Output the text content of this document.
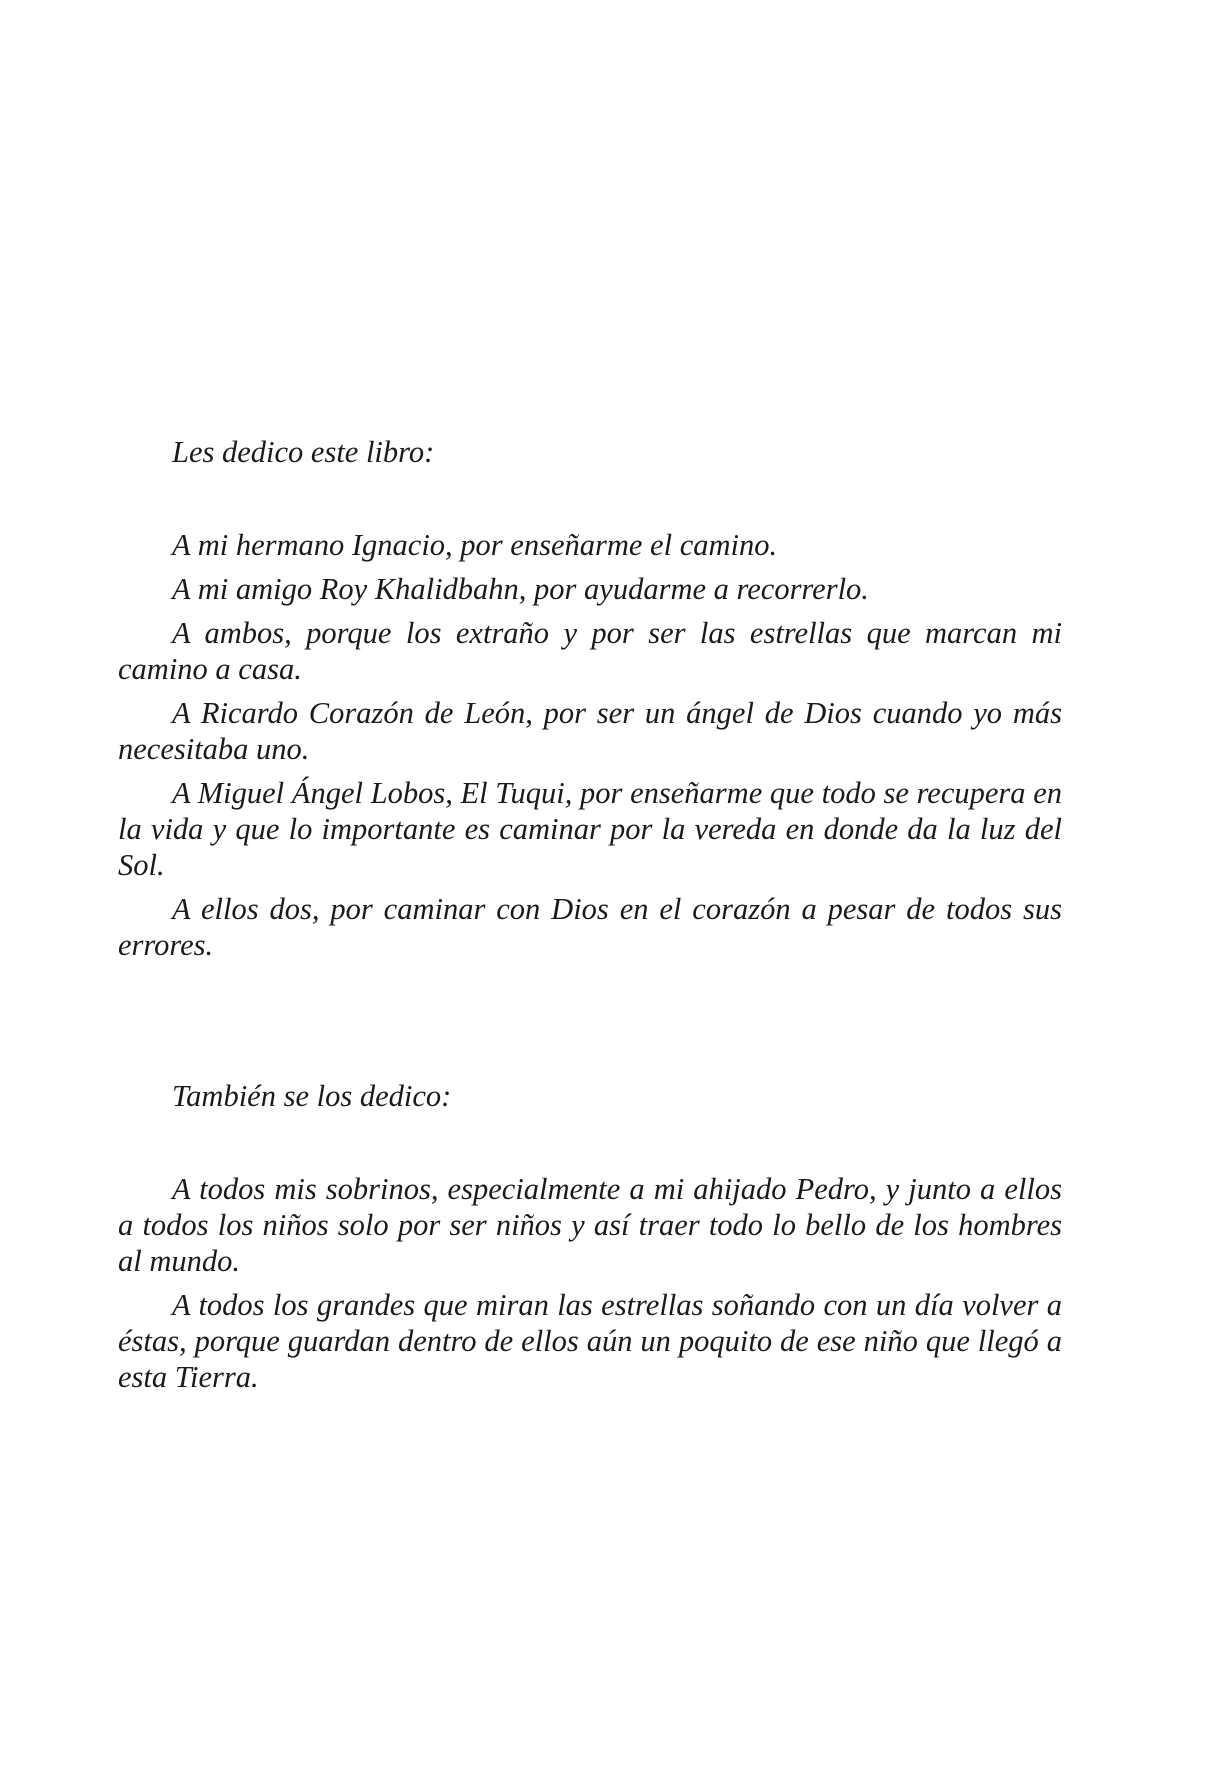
Les dedico este libro:

A mi hermano Ignacio, por enseñarme el camino.

A mi amigo Roy Khalidbahn, por ayudarme a recorrerlo.

A ambos, porque los extraño y por ser las estrellas que marcan mi camino a casa.

A Ricardo Corazón de León, por ser un ángel de Dios cuando yo más necesitaba uno.

A Miguel Ángel Lobos, El Tuqui, por enseñarme que todo se recupera en la vida y que lo importante es caminar por la vereda en donde da la luz del Sol.

A ellos dos, por caminar con Dios en el corazón a pesar de todos sus errores.

También se los dedico:

A todos mis sobrinos, especialmente a mi ahijado Pedro, y junto a ellos a todos los niños solo por ser niños y así traer todo lo bello de los hombres al mundo.

A todos los grandes que miran las estrellas soñando con un día volver a éstas, porque guardan dentro de ellos aún un poquito de ese niño que llegó a esta Tierra.
